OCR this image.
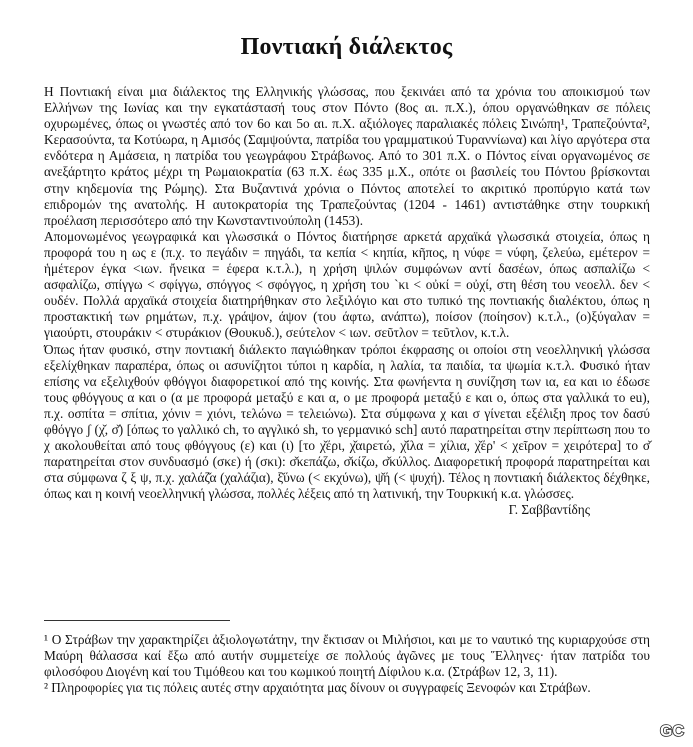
Ποντιακή διάλεκτος

Η Ποντιακή είναι μια διάλεκτος της Ελληνικής γλώσσας, που ξεκινάει από τα χρόνια του αποικισμού των Ελλήνων της Ιωνίας και την εγκατάστασή τους στον Πόντο (8ος αι. π.Χ.), όπου οργανώθηκαν σε πόλεις οχυρωμένες, όπως οι γνωστές από τον 6ο και 5ο αι. π.Χ. αξιόλογες παραλιακές πόλεις Σινώπη¹, Τραπεζούντα², Κερασούντα, τα Κοτύωρα, η Αμισός (Σαμψούντα, πατρίδα του γραμματικού Τυραννίωνα) και λίγο αργότερα στα ενδότερα η Αμάσεια, η πατρίδα του γεωγράφου Στράβωνος. Από το 301 π.Χ. ο Πόντος είναι οργανωμένος σε ανεξάρτητο κράτος μέχρι τη Ρωμαιοκρατία (63 π.Χ. έως 335 μ.Χ., οπότε οι βασιλείς του Πόντου βρίσκονται στην κηδεμονία της Ρώμης). Στα Βυζαντινά χρόνια ο Πόντος αποτελεί το ακριτικό προπύργιο κατά των επιδρομών της ανατολής. Η αυτοκρατορία της Τραπεζούντας (1204 - 1461) αντιστάθηκε στην τουρκική προέλαση περισσότερο από την Κωνσταντινούπολη (1453).

Απομονωμένος γεωγραφικά και γλωσσικά ο Πόντος διατήρησε αρκετά αρχαϊκά γλωσσικά στοιχεία, όπως η προφορά του η ως ε (π.χ. το πεγάδιν = πηγάδι, τα κεπία < κηπία, κῆπος, η νύφε = νύφη, ζελεύω, εμέτερον = ἡμέτερον έγκα <ιων. ἤνεικα = έφερα κ.τ.λ.), η χρήση ψιλών συμφώνων αντί δασέων, όπως ασπαλίζω < ασφαλίζω, σπίγγω < σφίγγω, σπόγγος < σφόγγος, η χρήση του `κι < οὐκί = οὐχί, στη θέση του νεοελλ. δεν < ουδέν. Πολλά αρχαϊκά στοιχεία διατηρήθηκαν στο λεξιλόγιο και στο τυπικό της ποντιακής διαλέκτου, όπως η προστακτική των ρημάτων, π.χ. γράψον, άψον (του άφτω, ανάπτω), ποίσον (ποίησον) κ.τ.λ., (ο)ξύγαλαν = γιαούρτι, στουράκιν < στυράκιον (Θουκυδ.), σεύτελον < ιων. σεῦτλον = τεῦτλον, κ.τ.λ.

Όπως ήταν φυσικό, στην ποντιακή διάλεκτο παγιώθηκαν τρόποι έκφρασης οι οποίοι στη νεοελληνική γλώσσα εξελίχθηκαν παραπέρα, όπως οι ασυνίζητοι τύποι η καρδία, η λαλία, τα παιδία, τα ψωμία κ.τ.λ. Φυσικό ήταν επίσης να εξελιχθούν φθόγγοι διαφορετικοί από της κοινής. Στα φωνήεντα η συνίζηση των ια, εα και ιο έδωσε τους φθόγγους α και ο (α με προφορά μεταξύ ε και α, ο με προφορά μεταξύ ε και ο, όπως στα γαλλικά το eu), π.χ. οσπίτα = σπίτια, χόνιν = χιόνι, τελώνω = τελειώνω). Στα σύμφωνα χ και σ γίνεται εξέλιξη προς τον δασύ φθόγγο ʃ (χ̌, σ̌) [όπως το γαλλικό ch, το αγγλικό sh, το γερμανικό sch] αυτό παρατηρείται στην περίπτωση που το χ ακολουθείται από τους φθόγγους (ε) και (ι) [το χ̌έρι, χ̌αιρετώ, χ̌ίλα = χίλια, χ̌έρ' < χεῖρον = χειρότερα] το σ̌ παρατηρείται στον συνδυασμό (σκε) ή (σκι): σ̌κεπάζω, σ̌κίζω, σ̌κύλλος. Διαφορετική προφορά παρατηρείται και στα σύμφωνα ζ ξ ψ, π.χ. χαλάζ̌α (χαλάζια), ξ̌ύνω (< εκχύνω), ψ̌ή (< ψυχή). Τέλος η ποντιακή διάλεκτος δέχθηκε, όπως και η κοινή νεοελληνική γλώσσα, πολλές λέξεις από τη λατινική, την Τουρκική κ.α. γλώσσες.

Γ. Σαββαντίδης

¹ Ο Στράβων την χαρακτηρίζει ἀξιολογωτάτην, την ἔκτισαν οι Μιλήσιοι, και με το ναυτικό της κυριαρχούσε στη Μαύρη θάλασσα καί ἔξω από αυτήν συμμετείχε σε πολλούς ἀγῶνες με τους Ἕλληνες· ήταν πατρίδα του φιλοσόφου Διογένη καί του Τιμόθεου και του κωμικού ποιητή Δίφιλου κ.α. (Στράβων 12, 3, 11).

² Πληροφορίες για τις πόλεις αυτές στην αρχαιότητα μας δίνουν οι συγγραφείς Ξενοφών και Στράβων.

GC
